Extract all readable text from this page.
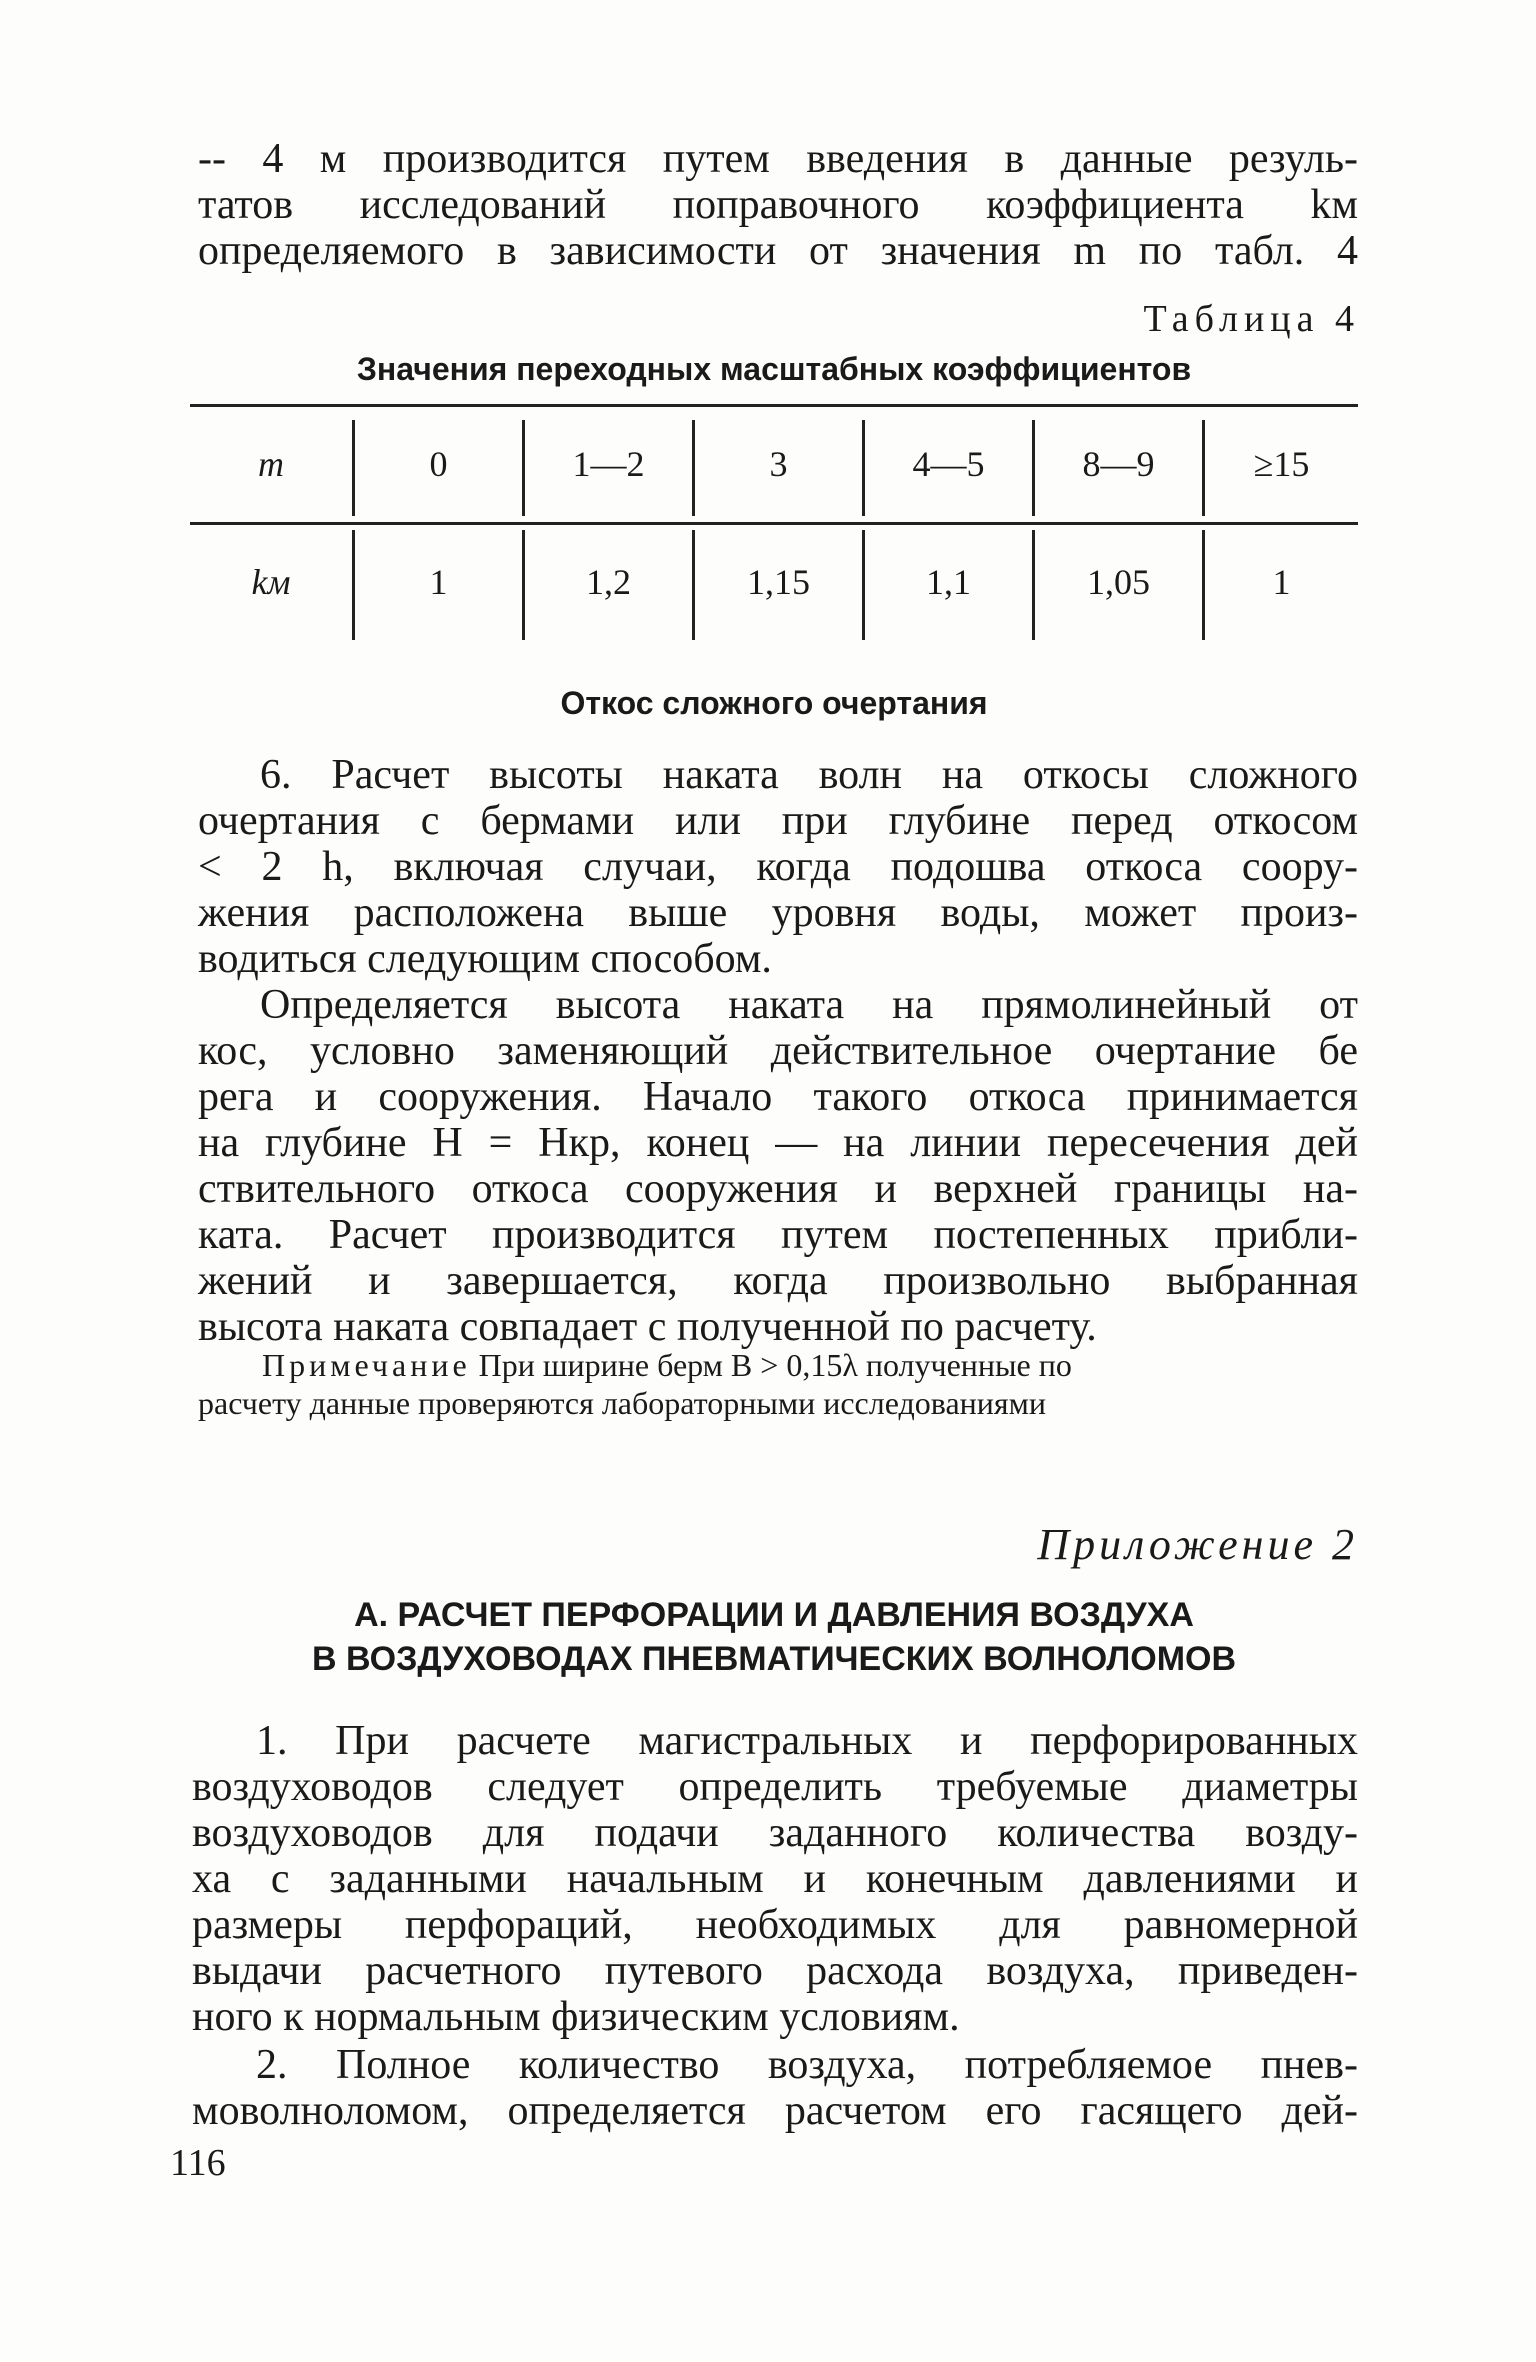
-- 4 м производится путем введения в данные резуль-
татов исследований поправочного коэффициента kм
определяемого в зависимости от значения m по табл. 4
Таблица 4
Значения переходных масштабных коэффициентов
m	0	1—2	3	4—5	8—9	≥15
kм	1	1,2	1,15	1,1	1,05	1
Откос сложного очертания
6. Расчет высоты наката волн на откосы сложного
очертания с бермами или при глубине перед откосом
< 2 h, включая случаи, когда подошва откоса соору-
жения расположена выше уровня воды, может произ-
водиться следующим способом.
Определяется высота наката на прямолинейный от
кос, условно заменяющий действительное очертание бе
рега и сооружения. Начало такого откоса принимается
на глубине H = Hкр, конец — на линии пересечения дей
ствительного откоса сооружения и верхней границы на-
ката. Расчет производится путем постепенных прибли-
жений и завершается, когда произвольно выбранная
высота наката совпадает с полученной по расчету.
Примечание При ширине берм B > 0,15λ полученные по
расчету данные проверяются лабораторными исследованиями
Приложение 2
А. РАСЧЕТ ПЕРФОРАЦИИ И ДАВЛЕНИЯ ВОЗДУХА
В ВОЗДУХОВОДАХ ПНЕВМАТИЧЕСКИХ ВОЛНОЛОМОВ
1. При расчете магистральных и перфорированных
воздуховодов следует определить требуемые диаметры
воздуховодов для подачи заданного количества возду-
ха с заданными начальным и конечным давлениями и
размеры перфораций, необходимых для равномерной
выдачи расчетного путевого расхода воздуха, приведен-
ного к нормальным физическим условиям.
2. Полное количество воздуха, потребляемое пнев-
моволноломом, определяется расчетом его гасящего дей-
116
